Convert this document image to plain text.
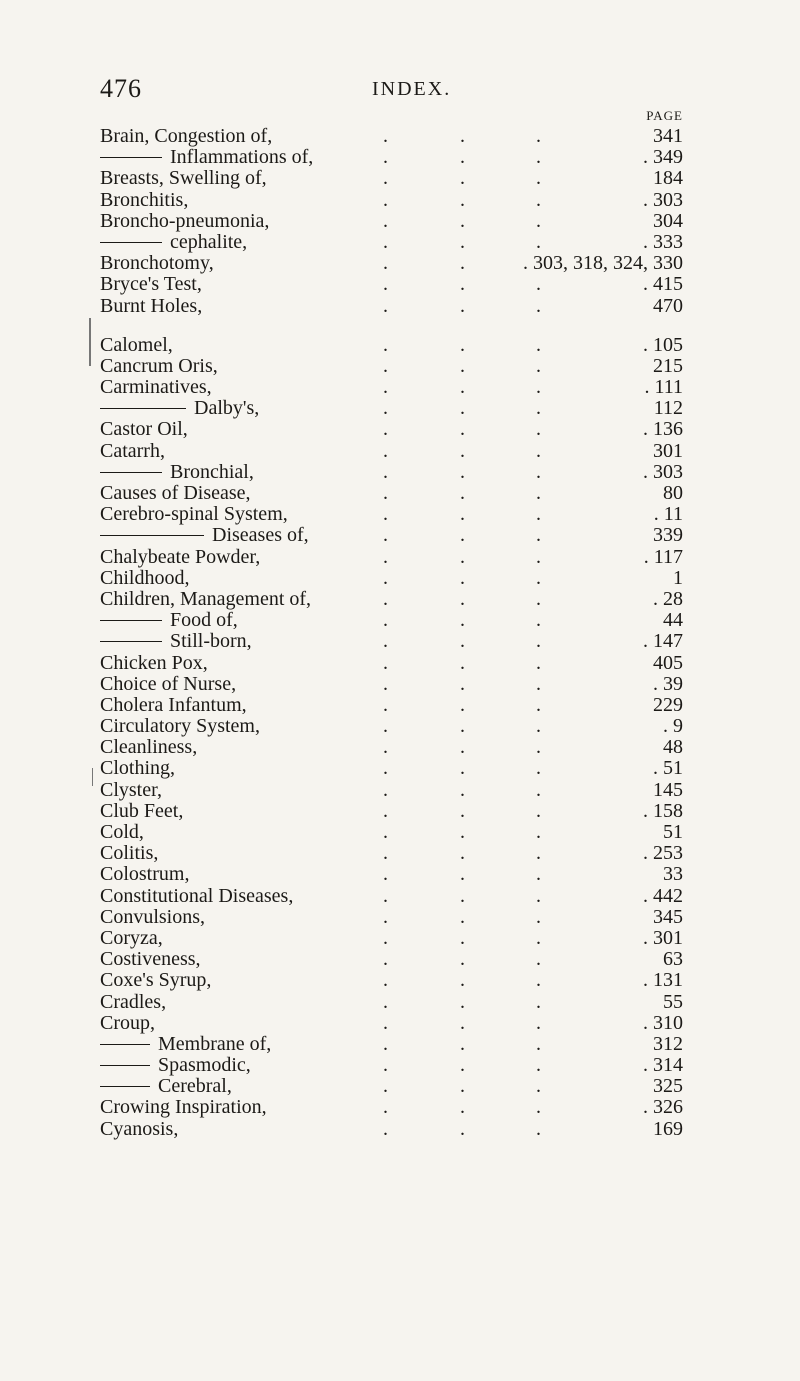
476	INDEX.
PAGE
Brain, Congestion of,	.	.	.	341
Inflammations of,	.	.	.	. 349
Breasts, Swelling of,	.	.	.	184
Bronchitis,	.	.	.	. 303
Broncho-pneumonia,	.	.	.	304
cephalite,	.	.	.	. 333
Bronchotomy,	.	.	. 303, 318, 324, 330
Bryce's Test,	.	.	.	. 415
Burnt Holes,	.	.	.	470
Calomel,	.	.	.	. 105
Cancrum Oris,	.	.	.	215
Carminatives,	.	.	.	. 111
Dalby's,	.	.	.	112
Castor Oil,	.	.	.	. 136
Catarrh,	.	.	.	301
Bronchial,	.	.	.	. 303
Causes of Disease,	.	.	.	80
Cerebro-spinal System,	.	.	.	. 11
Diseases of,	.	.	.	339
Chalybeate Powder,	.	.	.	. 117
Childhood,	.	.	.	1
Children, Management of,	.	.	.	. 28
Food of,	.	.	.	44
Still-born,	.	.	.	. 147
Chicken Pox,	.	.	.	405
Choice of Nurse,	.	.	.	. 39
Cholera Infantum,	.	.	.	229
Circulatory System,	.	.	.	. 9
Cleanliness,	.	.	.	48
Clothing,	.	.	.	. 51
Clyster,	.	.	.	145
Club Feet,	.	.	.	. 158
Cold,	.	.	.	51
Colitis,	.	.	.	. 253
Colostrum,	.	.	.	33
Constitutional Diseases,	.	.	.	. 442
Convulsions,	.	.	.	345
Coryza,	.	.	.	. 301
Costiveness,	.	.	.	63
Coxe's Syrup,	.	.	.	. 131
Cradles,	.	.	.	55
Croup,	.	.	.	. 310
Membrane of,	.	.	.	312
Spasmodic,	.	.	.	. 314
Cerebral,	.	.	.	325
Crowing Inspiration,	.	.	.	. 326
Cyanosis,	.	.	.	169
